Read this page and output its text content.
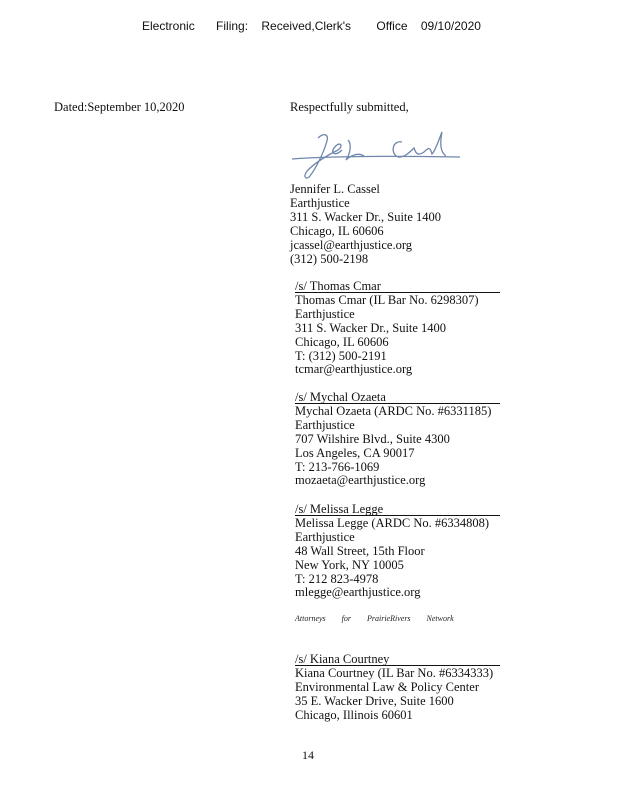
Electronic Filing: Received,Clerk's Office 09/10/2020
Dated:September 10,2020	Respectfully submitted,
Jennifer L. Cassel
Earthjustice
311 S. Wacker Dr., Suite 1400
Chicago, IL 60606
jcassel@earthjustice.org
(312) 500-2198
/s/ Thomas Cmar
Thomas Cmar (IL Bar No. 6298307)
Earthjustice
311 S. Wacker Dr., Suite 1400
Chicago, IL 60606
T: (312) 500-2191
tcmar@earthjustice.org
/s/ Mychal Ozaeta
Mychal Ozaeta (ARDC No. #6331185)
Earthjustice
707 Wilshire Blvd., Suite 4300
Los Angeles, CA 90017
T: 213-766-1069
mozaeta@earthjustice.org
/s/ Melissa Legge
Melissa Legge (ARDC No. #6334808)
Earthjustice
48 Wall Street, 15th Floor
New York, NY 10005
T: 212 823-4978
mlegge@earthjustice.org
Attorneys for PrairieRivers Network
/s/ Kiana Courtney
Kiana Courtney (IL Bar No. #6334333)
Environmental Law & Policy Center
35 E. Wacker Drive, Suite 1600
Chicago, Illinois 60601
14
